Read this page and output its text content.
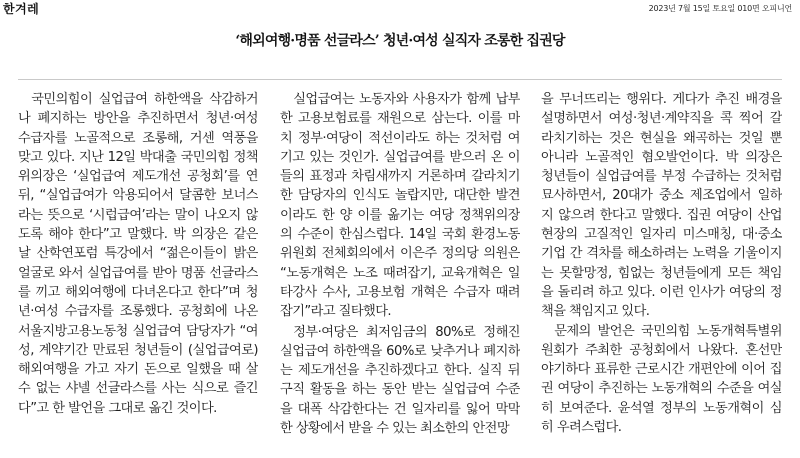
한겨레	2023년 7월 15일 토요일 010면 오피니언
‘해외여행·명품 선글라스’ 청년·여성 실직자 조롱한 집권당

국민의힘이 실업급여 하한액을 삭감하거나 폐지하는 방안을 추진하면서 청년·여성 수급자를 노골적으로 조롱해, 거센 역풍을 맞고 있다. 지난 12일 박대출 국민의힘 정책위의장은 ‘실업급여 제도개선 공청회’를 연 뒤, “실업급여가 악용되어서 달콤한 보너스라는 뜻으로 ‘시럽급여’라는 말이 나오지 않도록 해야 한다”고 말했다. 박 의장은 같은 날 산학연포럼 특강에서 “젊은이들이 밝은 얼굴로 와서 실업급여를 받아 명품 선글라스를 끼고 해외여행에 다녀온다고 한다”며 청년·여성 수급자를 조롱했다. 공청회에 나온 서울지방고용노동청 실업급여 담당자가 “여성, 계약기간 만료된 청년들이 (실업급여로) 해외여행을 가고 자기 돈으로 일했을 때 살 수 없는 샤넬 선글라스를 사는 식으로 즐긴다”고 한 발언을 그대로 옮긴 것이다.

실업급여는 노동자와 사용자가 함께 납부한 고용보험료를 재원으로 삼는다. 이를 마치 정부·여당이 적선이라도 하는 것처럼 여기고 있는 것인가. 실업급여를 받으러 온 이들의 표정과 차림새까지 거론하며 갈라치기한 담당자의 인식도 놀랍지만, 대단한 발견이라도 한 양 이를 옮기는 여당 정책위의장의 수준이 한심스럽다. 14일 국회 환경노동위원회 전체회의에서 이은주 정의당 의원은 “노동개혁은 노조 때려잡기, 교육개혁은 일타강사 수사, 고용보험 개혁은 수급자 때려잡기”라고 질타했다.

정부·여당은 최저임금의 80%로 정해진 실업급여 하한액을 60%로 낮추거나 폐지하는 제도개선을 추진하겠다고 한다. 실직 뒤 구직 활동을 하는 동안 받는 실업급여 수준을 대폭 삭감한다는 건 일자리를 잃어 막막한 상황에서 받을 수 있는 최소한의 안전망

을 무너뜨리는 행위다. 게다가 추진 배경을 설명하면서 여성·청년·계약직을 콕 찍어 갈라치기하는 것은 현실을 왜곡하는 것일 뿐 아니라 노골적인 혐오발언이다. 박 의장은 청년들이 실업급여를 부정 수급하는 것처럼 묘사하면서, 20대가 중소 제조업에서 일하지 않으려 한다고 말했다. 집권 여당이 산업현장의 고질적인 일자리 미스매칭, 대·중소기업 간 격차를 해소하려는 노력을 기울이지는 못할망정, 힘없는 청년들에게 모든 책임을 돌리려 하고 있다. 이런 인사가 여당의 정책을 책임지고 있다.

문제의 발언은 국민의힘 노동개혁특별위원회가 주최한 공청회에서 나왔다. 혼선만 야기하다 표류한 근로시간 개편안에 이어 집권 여당이 추진하는 노동개혁의 수준을 여실히 보여준다. 윤석열 정부의 노동개혁이 심히 우려스럽다.
